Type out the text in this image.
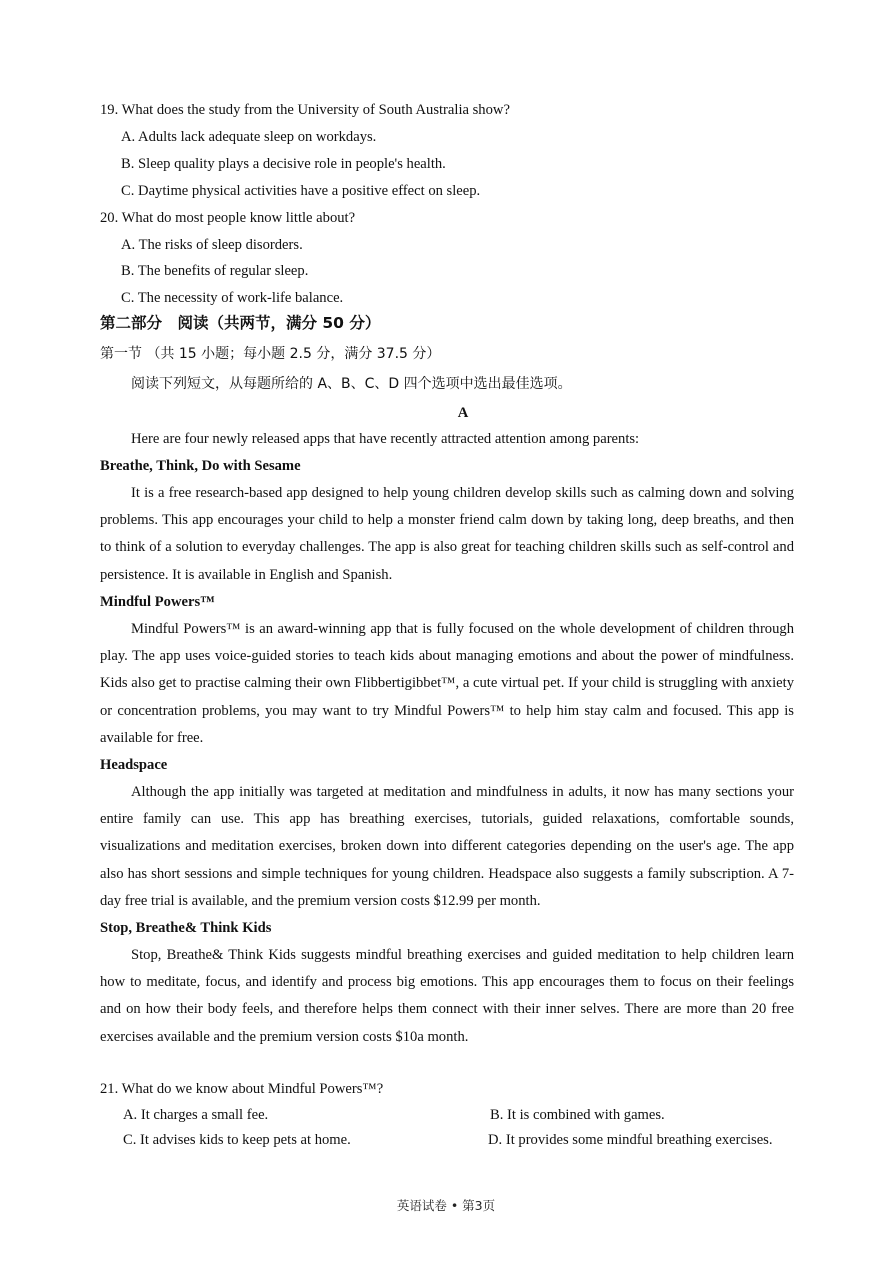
19. What does the study from the University of South Australia show?
A. Adults lack adequate sleep on workdays.
B. Sleep quality plays a decisive role in people's health.
C. Daytime physical activities have a positive effect on sleep.
20. What do most people know little about?
A. The risks of sleep disorders.
B. The benefits of regular sleep.
C. The necessity of work-life balance.
第二部分　阅读（共两节，满分 50 分）
第一节 （共 15 小题；每小题 2.5 分，满分 37.5 分）
阅读下列短文，从每题所给的 A、B、C、D 四个选项中选出最佳选项。
A
Here are four newly released apps that have recently attracted attention among parents:
Breathe, Think, Do with Sesame

It is a free research-based app designed to help young children develop skills such as calming down and solving problems. This app encourages your child to help a monster friend calm down by taking long, deep breaths, and then to think of a solution to everyday challenges. The app is also great for teaching children skills such as self-control and persistence. It is available in English and Spanish.

Mindful Powers™

Mindful Powers™ is an award-winning app that is fully focused on the whole development of children through play. The app uses voice-guided stories to teach kids about managing emotions and about the power of mindfulness. Kids also get to practise calming their own Flibbertigibbet™, a cute virtual pet. If your child is struggling with anxiety or concentration problems, you may want to try Mindful Powers™ to help him stay calm and focused. This app is available for free.

Headspace

Although the app initially was targeted at meditation and mindfulness in adults, it now has many sections your entire family can use. This app has breathing exercises, tutorials, guided relaxations, comfortable sounds, visualizations and meditation exercises, broken down into different categories depending on the user's age. The app also has short sessions and simple techniques for young children. Headspace also suggests a family subscription. A 7-day free trial is available, and the premium version costs $12.99 per month.

Stop, Breathe& Think Kids

Stop, Breathe& Think Kids suggests mindful breathing exercises and guided meditation to help children learn how to meditate, focus, and identify and process big emotions. This app encourages them to focus on their feelings and on how their body feels, and therefore helps them connect with their inner selves. There are more than 20 free exercises available and the premium version costs $10a month.

21. What do we know about Mindful Powers™?
A. It charges a small fee.	B. It is combined with games.
C. It advises kids to keep pets at home.	D. It provides some mindful breathing exercises.
英语试卷 • 第3页
